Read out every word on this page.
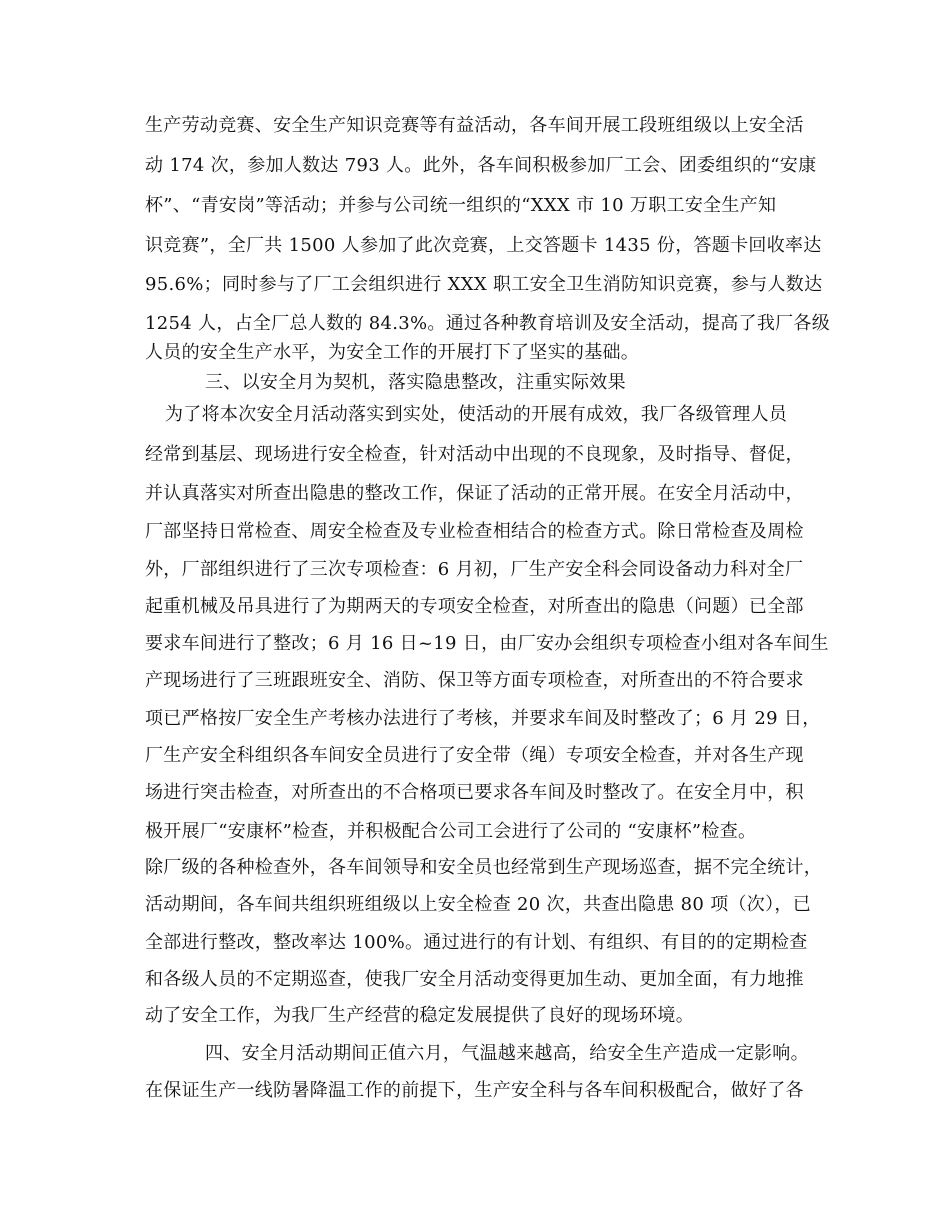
生产劳动竞赛、安全生产知识竞赛等有益活动，各车间开展工段班组级以上安全活
动 174 次，参加人数达 793 人。此外，各车间积极参加厂工会、团委组织的“安康
杯”、“青安岗”等活动；并参与公司统一组织的“XXX 市 10 万职工安全生产知
识竞赛”，全厂共 1500 人参加了此次竞赛，上交答题卡 1435 份，答题卡回收率达
95.6%；同时参与了厂工会组织进行 XXX 职工安全卫生消防知识竞赛，参与人数达
1254 人，占全厂总人数的 84.3%。通过各种教育培训及安全活动，提高了我厂各级
人员的安全生产水平，为安全工作的开展打下了坚实的基础。
三、以安全月为契机，落实隐患整改，注重实际效果
为了将本次安全月活动落实到实处，使活动的开展有成效，我厂各级管理人员
经常到基层、现场进行安全检查，针对活动中出现的不良现象，及时指导、督促，
并认真落实对所查出隐患的整改工作，保证了活动的正常开展。在安全月活动中，
厂部坚持日常检查、周安全检查及专业检查相结合的检查方式。除日常检查及周检
外，厂部组织进行了三次专项检查：6 月初，厂生产安全科会同设备动力科对全厂
起重机械及吊具进行了为期两天的专项安全检查，对所查出的隐患（问题）已全部
要求车间进行了整改；6 月 16 日~19 日，由厂安办会组织专项检查小组对各车间生
产现场进行了三班跟班安全、消防、保卫等方面专项检查，对所查出的不符合要求
项已严格按厂安全生产考核办法进行了考核，并要求车间及时整改了；6 月 29 日，
厂生产安全科组织各车间安全员进行了安全带（绳）专项安全检查，并对各生产现
场进行突击检查，对所查出的不合格项已要求各车间及时整改了。在安全月中，积
极开展厂“安康杯”检查，并积极配合公司工会进行了公司的 “安康杯”检查。
除厂级的各种检查外，各车间领导和安全员也经常到生产现场巡查，据不完全统计，
活动期间，各车间共组织班组级以上安全检查 20 次，共查出隐患 80 项（次），已
全部进行整改，整改率达 100%。通过进行的有计划、有组织、有目的的定期检查
和各级人员的不定期巡查，使我厂安全月活动变得更加生动、更加全面，有力地推
动了安全工作，为我厂生产经营的稳定发展提供了良好的现场环境。
四、安全月活动期间正值六月，气温越来越高，给安全生产造成一定影响。
在保证生产一线防暑降温工作的前提下，生产安全科与各车间积极配合，做好了各
